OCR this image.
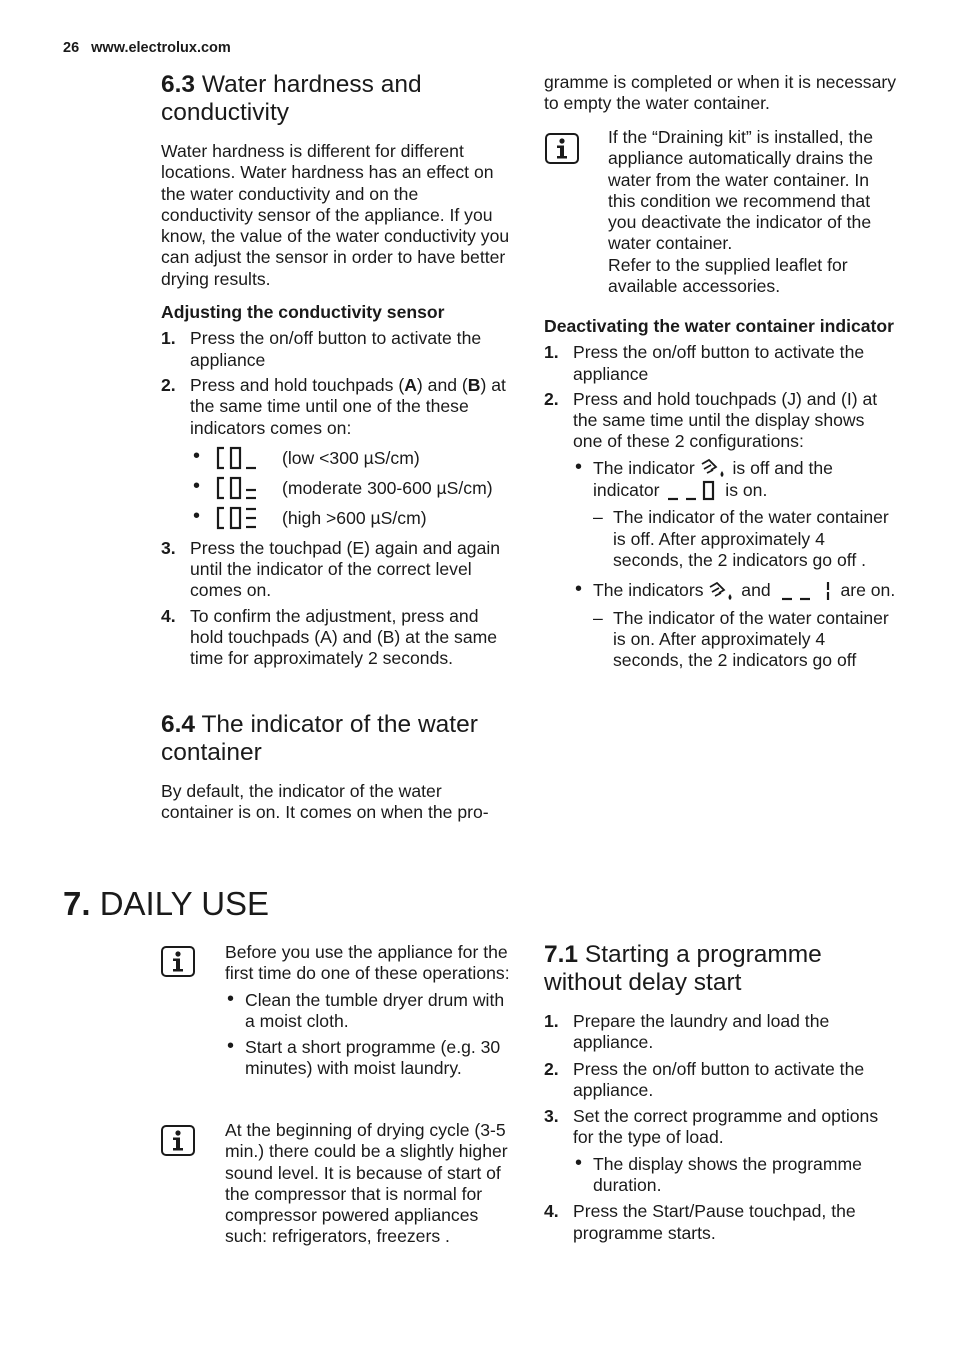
26 www.electrolux.com
6.3 Water hardness and conductivity

Water hardness is different for different locations. Water hardness has an effect on the water conductivity and on the conductivity sensor of the appliance. If you know, the value of the water conductivity you can adjust the sensor in order to have better drying results.

Adjusting the conductivity sensor
1. Press the on/off button to activate the appliance
2. Press and hold touchpads (A) and (B) at the same time until one of the these indicators comes on:
•	(low <300 µS/cm)
•	(moderate 300-600 µS/cm)
•	(high >600 µS/cm)
3. Press the touchpad (E) again and again until the indicator of the correct level comes on.
4. To confirm the adjustment, press and hold touchpads (A) and (B) at the same time for approximately 2 seconds.
6.4 The indicator of the water container

By default, the indicator of the water container is on. It comes on when the pro-

gramme is completed or when it is necessary to empty the water container.

If the “Draining kit” is installed, the appliance automatically drains the water from the water container. In this condition we recommend that you deactivate the indicator of the water container.

Refer to the supplied leaflet for available accessories.

Deactivating the water container indicator
1. Press the on/off button to activate the appliance
2. Press and hold touchpads (J) and (I) at the same time until the display shows one of these 2 configurations:
• The indicator is off and the indicator	is on.
– The indicator of the water container is off. After approximately 4 seconds, the 2 indicators go off .
• The indicators and	are on.
– The indicator of the water container is on. After approximately 4 seconds, the 2 indicators go off
7. DAILY USE

Before you use the appliance for the first time do one of these operations:

• Clean the tumble dryer drum with a moist cloth.
• Start a short programme (e.g. 30 minutes) with moist laundry.

At the beginning of drying cycle (3-5 min.) there could be a slightly higher sound level. It is because of start of the compressor that is normal for compressor powered appliances such: refrigerators, freezers .

7.1 Starting a programme without delay start
1. Prepare the laundry and load the appliance.
2. Press the on/off button to activate the appliance.
3. Set the correct programme and options for the type of load.
• The display shows the programme duration.
4. Press the Start/Pause touchpad, the programme starts.
